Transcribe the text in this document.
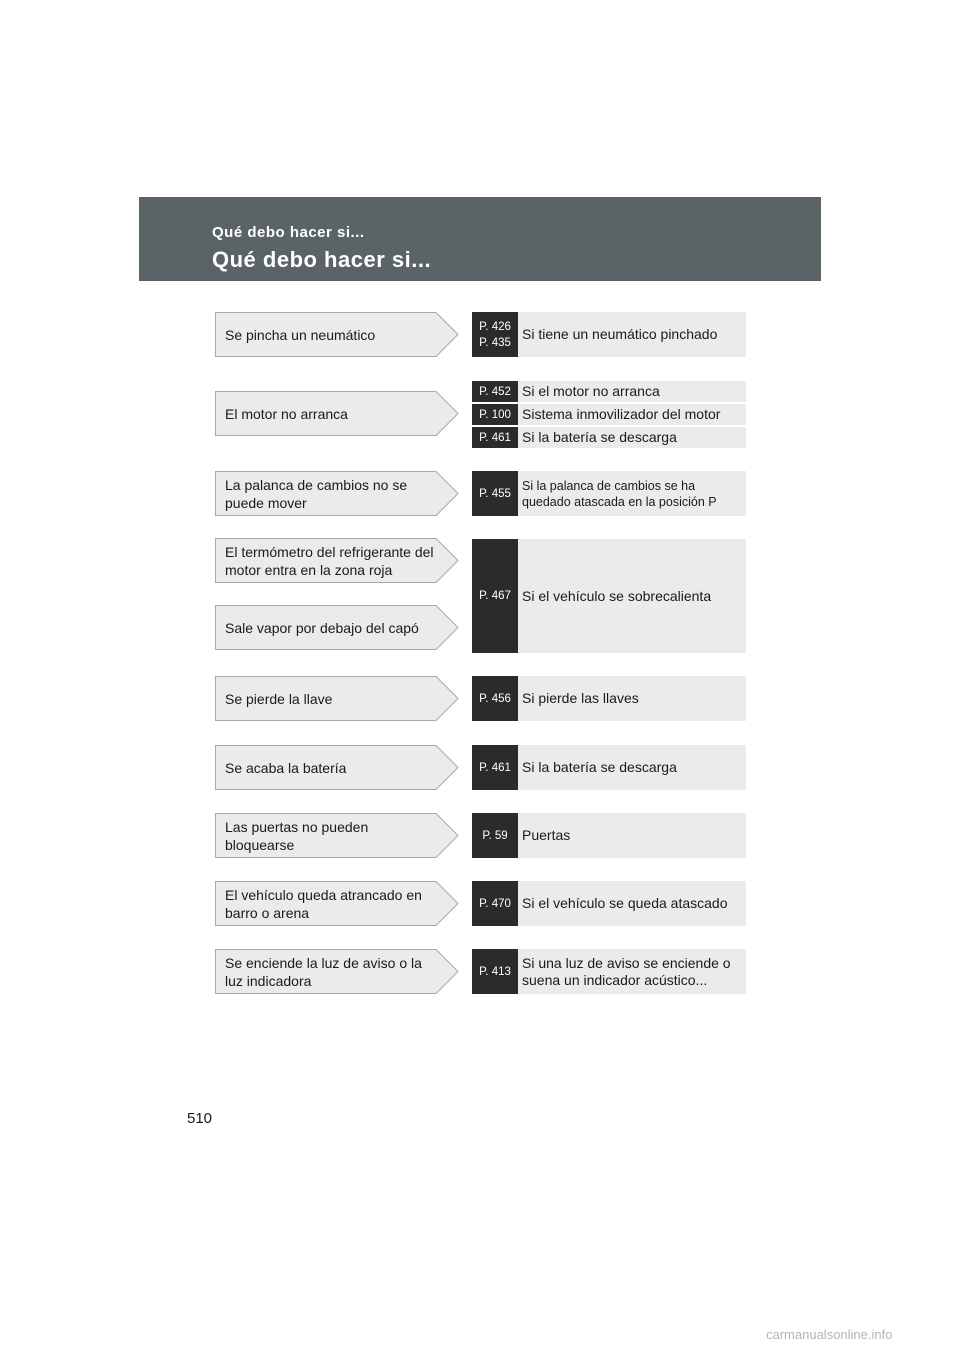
Qué debo hacer si...
Qué debo hacer si...
Se pincha un neumático
El motor no arranca
La palanca de cambios no se puede mover
El termómetro del refrigerante del motor entra en la zona roja
Sale vapor por debajo del capó
Se pierde la llave
Se acaba la batería
Las puertas no pueden bloquearse
El vehículo queda atrancado en barro o arena
Se enciende la luz de aviso o la luz indicadora
P. 426
P. 435
Si tiene un neumático pinchado
P. 452 Si el motor no arranca
P. 100 Sistema inmovilizador del motor
P. 461 Si la batería se descarga
P. 455
Si la palanca de cambios se ha quedado atascada en la posición P
P. 467 Si el vehículo se sobrecalienta
P. 456 Si pierde las llaves
P. 461 Si la batería se descarga
P. 59 Puertas
P. 470 Si el vehículo se queda atascado
P. 413
Si una luz de aviso se enciende o suena un indicador acústico...
510
carmanualsonline.info
